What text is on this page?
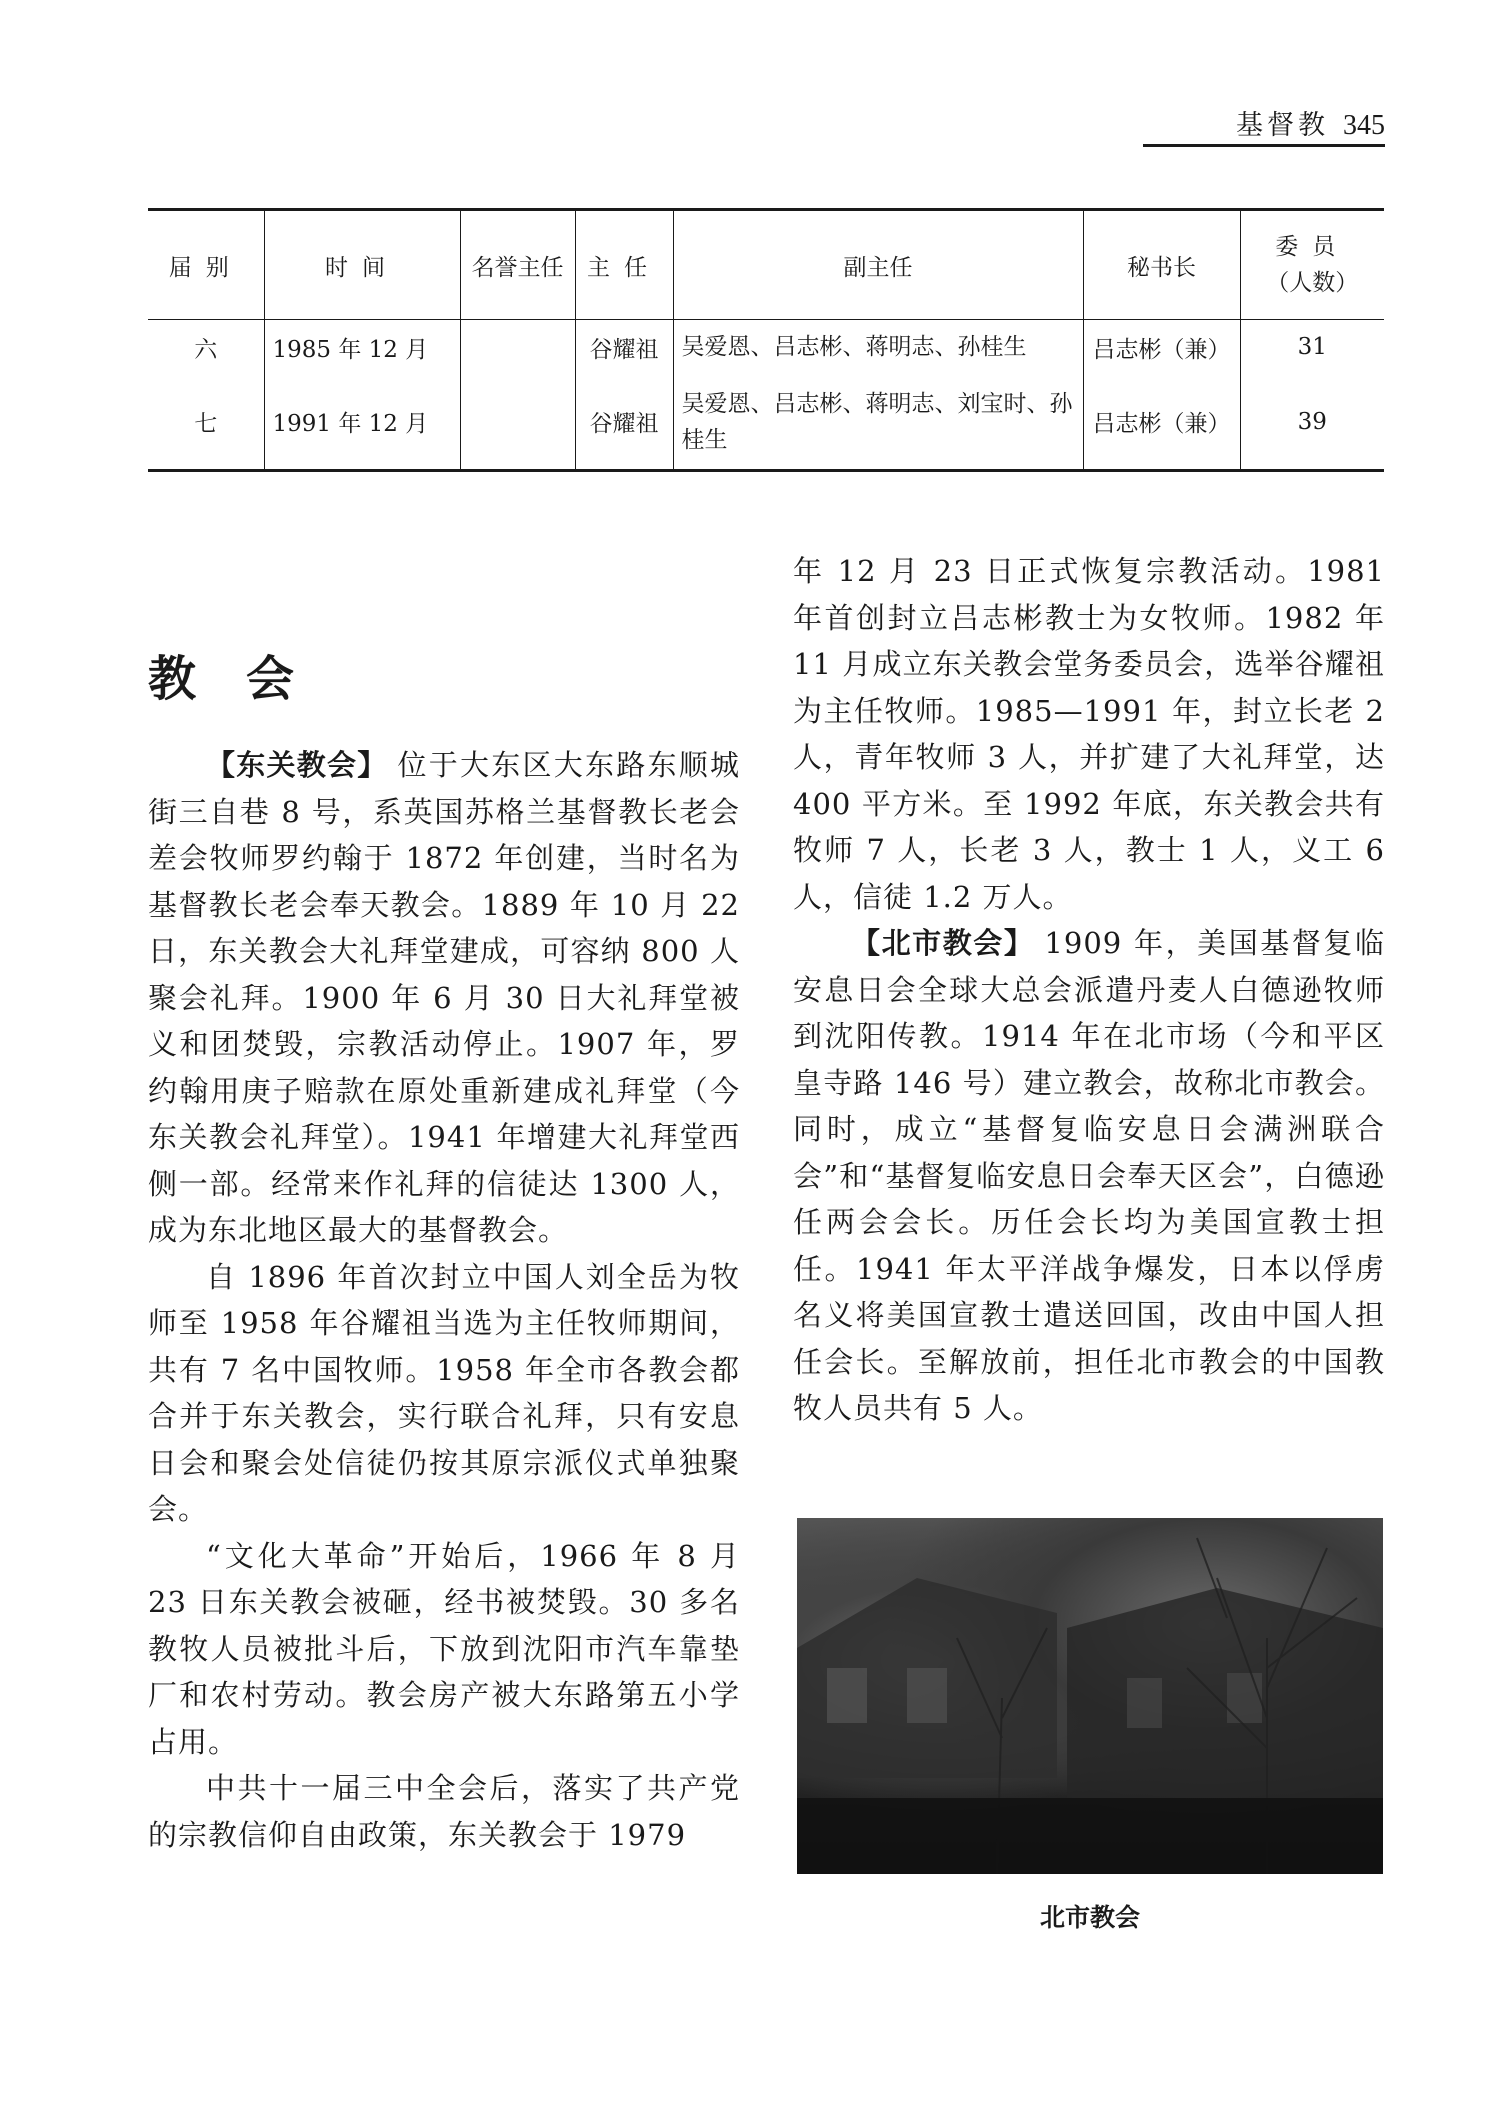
基督教 345
届别	时间	名誉主任	主任	副主任	秘书长	委员
（人数）

六	1985 年 12 月		谷耀祖	吴爱恩、吕志彬、蒋明志、孙桂生	吕志彬（兼）	31
七	1991 年 12 月		谷耀祖	吴爱恩、吕志彬、蒋明志、刘宝时、孙桂生	吕志彬（兼）	39
教会

【东关教会】 位于大东区大东路东顺城街三自巷 8 号，系英国苏格兰基督教长老会差会牧师罗约翰于 1872 年创建，当时名为基督教长老会奉天教会。1889 年 10 月 22 日，东关教会大礼拜堂建成，可容纳 800 人聚会礼拜。1900 年 6 月 30 日大礼拜堂被义和团焚毁，宗教活动停止。1907 年，罗约翰用庚子赔款在原处重新建成礼拜堂（今东关教会礼拜堂）。1941 年增建大礼拜堂西侧一部。经常来作礼拜的信徒达 1300 人，成为东北地区最大的基督教会。

自 1896 年首次封立中国人刘全岳为牧师至 1958 年谷耀祖当选为主任牧师期间，共有 7 名中国牧师。1958 年全市各教会都合并于东关教会，实行联合礼拜，只有安息日会和聚会处信徒仍按其原宗派仪式单独聚会。

“文化大革命”开始后，1966 年 8 月 23 日东关教会被砸，经书被焚毁。30 多名教牧人员被批斗后，下放到沈阳市汽车靠垫厂和农村劳动。教会房产被大东路第五小学占用。

中共十一届三中全会后，落实了共产党的宗教信仰自由政策，东关教会于 1979

年 12 月 23 日正式恢复宗教活动。1981 年首创封立吕志彬教士为女牧师。1982 年 11 月成立东关教会堂务委员会，选举谷耀祖为主任牧师。1985—1991 年，封立长老 2 人，青年牧师 3 人，并扩建了大礼拜堂，达 400 平方米。至 1992 年底，东关教会共有牧师 7 人，长老 3 人，教士 1 人，义工 6 人，信徒 1.2 万人。

【北市教会】 1909 年，美国基督复临安息日会全球大总会派遣丹麦人白德逊牧师到沈阳传教。1914 年在北市场（今和平区皇寺路 146 号）建立教会，故称北市教会。同时，成立“基督复临安息日会满洲联合会”和“基督复临安息日会奉天区会”，白德逊任两会会长。历任会长均为美国宣教士担任。1941 年太平洋战争爆发，日本以俘虏名义将美国宣教士遣送回国，改由中国人担任会长。至解放前，担任北市教会的中国教牧人员共有 5 人。

北市教会
